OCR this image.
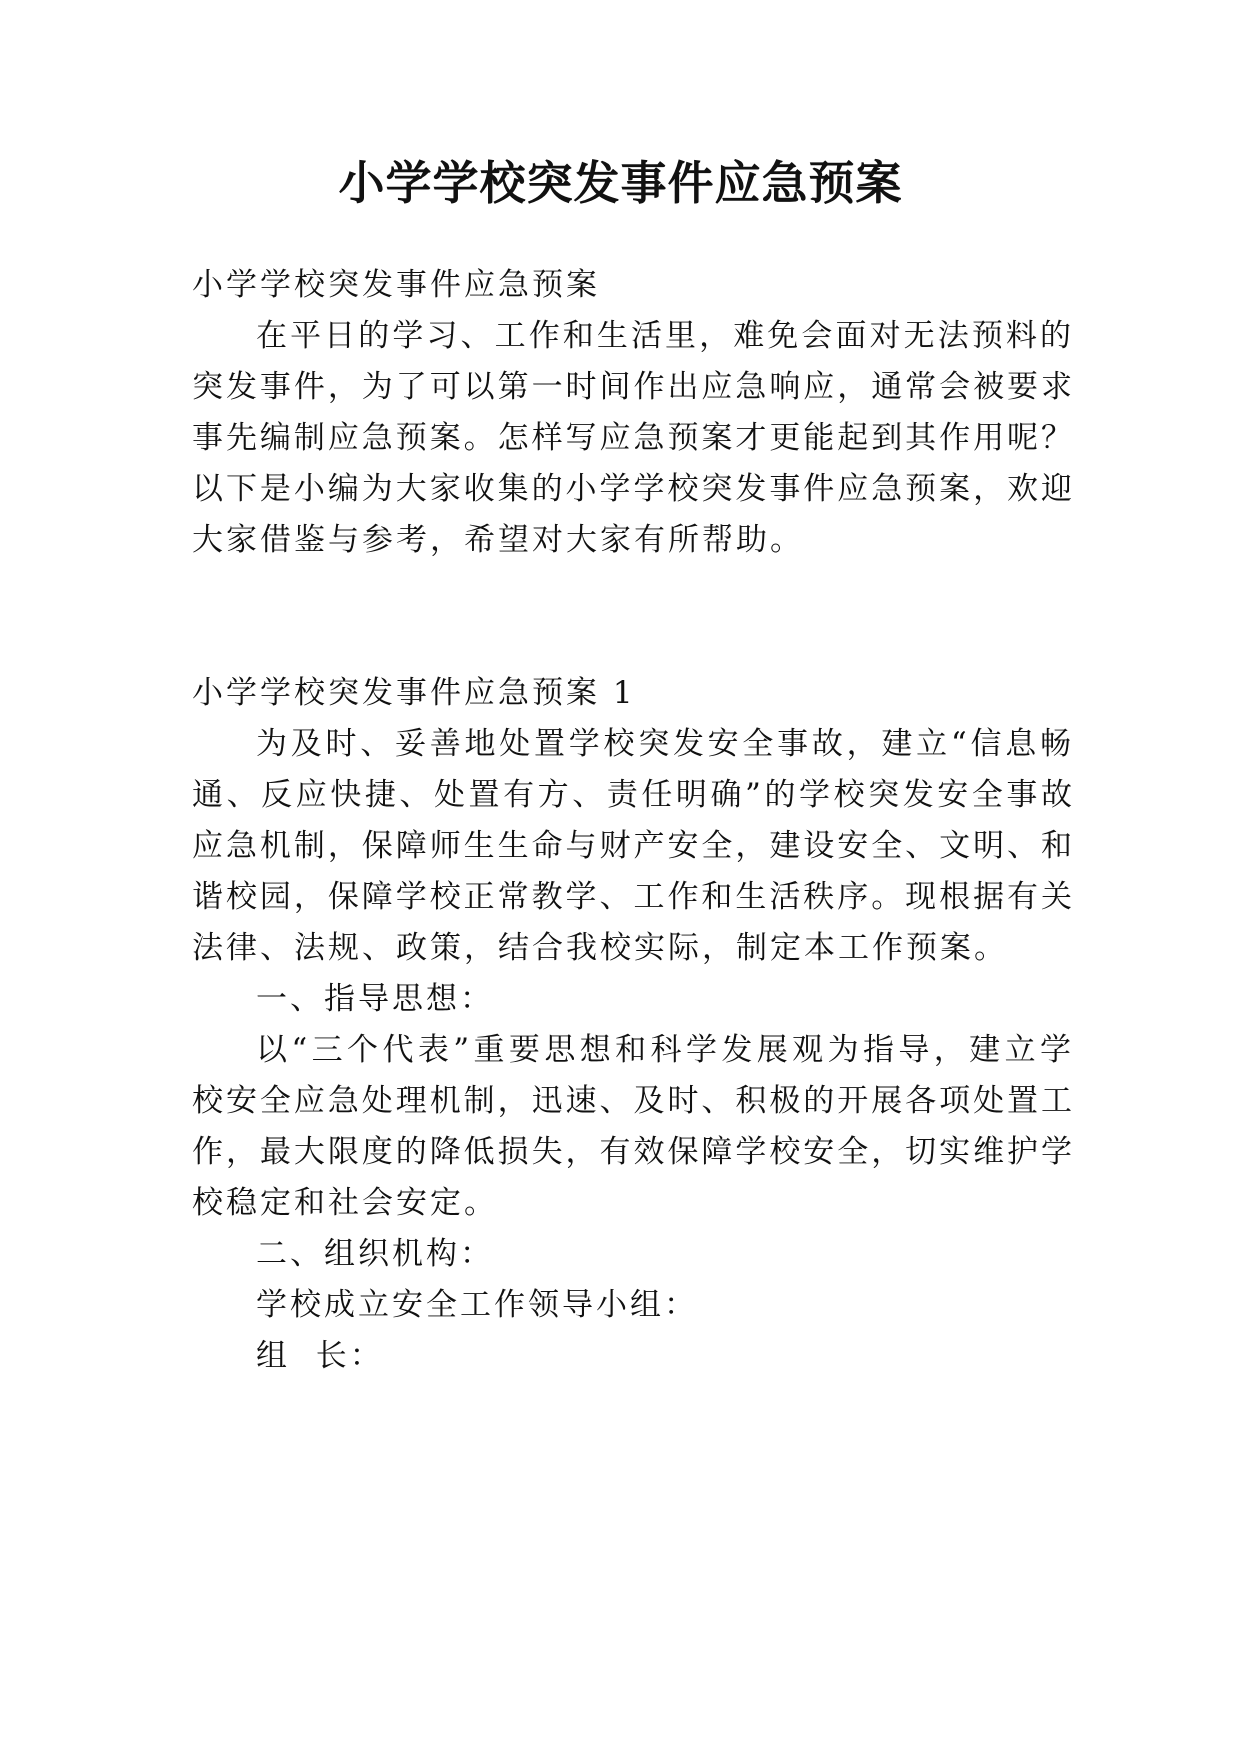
小学学校突发事件应急预案
小学学校突发事件应急预案
在平日的学习、工作和生活里，难免会面对无法预料的
突发事件，为了可以第一时间作出应急响应，通常会被要求
事先编制应急预案。怎样写应急预案才更能起到其作用呢？
以下是小编为大家收集的小学学校突发事件应急预案，欢迎
大家借鉴与参考，希望对大家有所帮助。
小学学校突发事件应急预案 1
为及时、妥善地处置学校突发安全事故，建立“信息畅
通、反应快捷、处置有方、责任明确”的学校突发安全事故
应急机制，保障师生生命与财产安全，建设安全、文明、和
谐校园，保障学校正常教学、工作和生活秩序。现根据有关
法律、法规、政策，结合我校实际，制定本工作预案。
一、指导思想：
以“三个代表”重要思想和科学发展观为指导，建立学
校安全应急处理机制，迅速、及时、积极的开展各项处置工
作，最大限度的降低损失，有效保障学校安全，切实维护学
校稳定和社会安定。
二、组织机构：
学校成立安全工作领导小组：
组  长：
